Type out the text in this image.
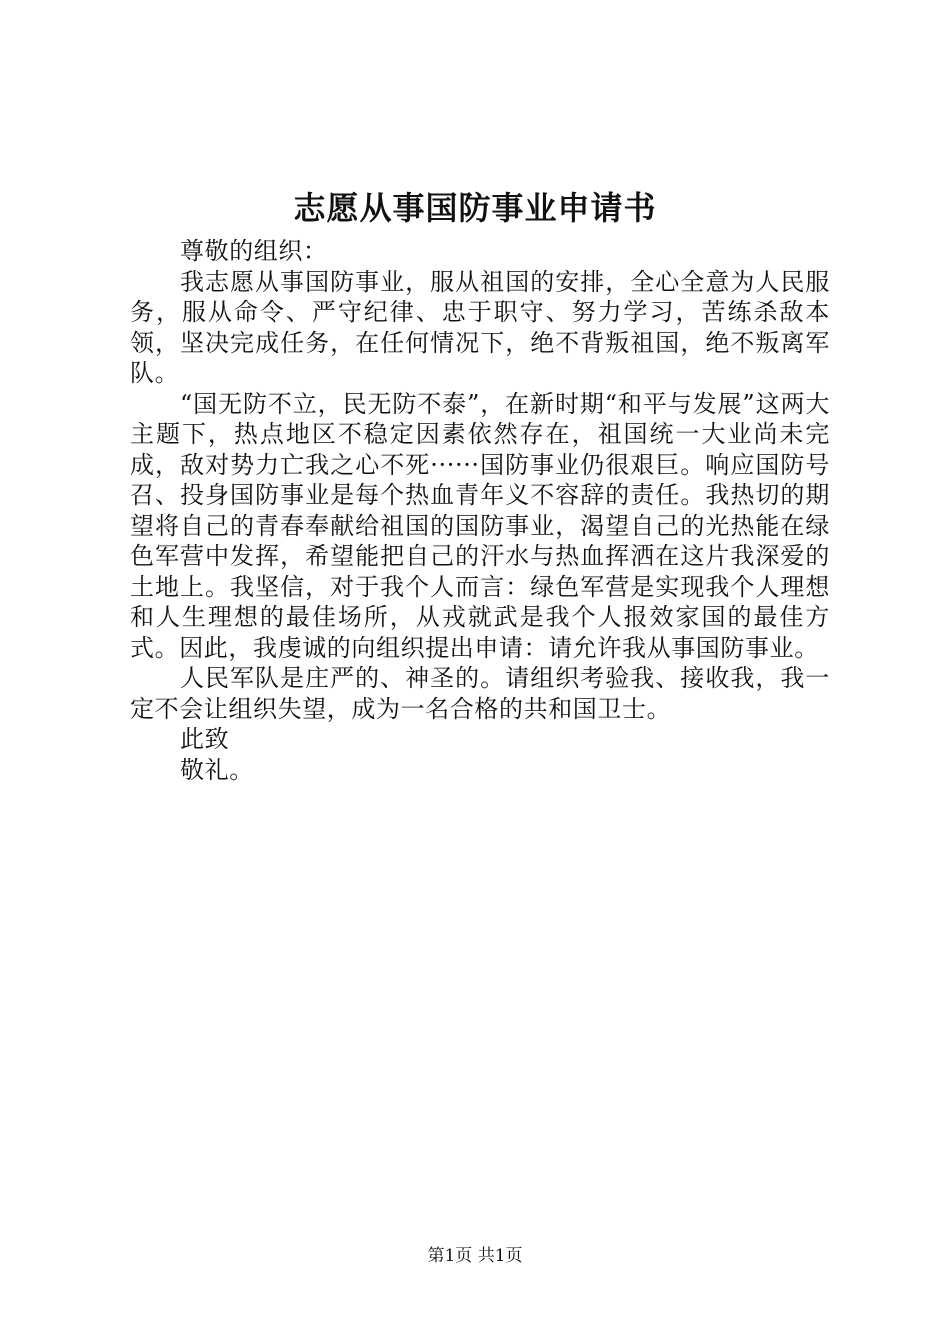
志愿从事国防事业申请书

尊敬的组织：

我志愿从事国防事业，服从祖国的安排，全心全意为人民服务，服从命令、严守纪律、忠于职守、努力学习，苦练杀敌本领，坚决完成任务，在任何情况下，绝不背叛祖国，绝不叛离军队。

“国无防不立，民无防不泰”，在新时期“和平与发展”这两大主题下，热点地区不稳定因素依然存在，祖国统一大业尚未完成，敌对势力亡我之心不死······国防事业仍很艰巨。响应国防号召、投身国防事业是每个热血青年义不容辞的责任。我热切的期望将自己的青春奉献给祖国的国防事业，渴望自己的光热能在绿色军营中发挥，希望能把自己的汗水与热血挥洒在这片我深爱的土地上。我坚信，对于我个人而言：绿色军营是实现我个人理想和人生理想的最佳场所，从戎就武是我个人报效家国的最佳方式。因此，我虔诚的向组织提出申请：请允许我从事国防事业。

人民军队是庄严的、神圣的。请组织考验我、接收我，我一定不会让组织失望，成为一名合格的共和国卫士。

此致

敬礼。

第1页 共1页
